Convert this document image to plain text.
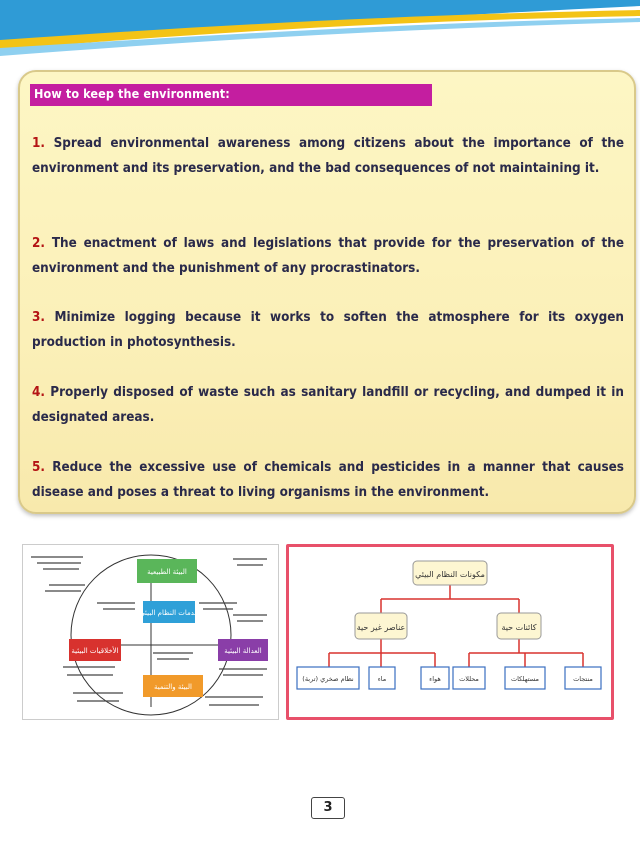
How to keep the environment:
1. Spread environmental awareness among citizens about the importance of the environment and its preservation, and the bad consequences of not maintaining it.
2. The enactment of laws and legislations that provide for the preservation of the environment and the punishment of any procrastinators.
3. Minimize logging because it works to soften the atmosphere for its oxygen production in photosynthesis.
4. Properly disposed of waste such as sanitary landfill or recycling, and dumped it in designated areas.
5. Reduce the excessive use of chemicals and pesticides in a manner that causes disease and poses a threat to living organisms in the environment.
البيئة الطبيعية
خدمات النظام البيئي
الأخلاقيات البيئية	العدالة البيئية
البيئة والتنمية
مكونات النظام البيئي
عناصر غير حية	كائنات حية
نظام صخري (تربة)	ماء	هواء	محللات	مستهلكات	منتجات
3
